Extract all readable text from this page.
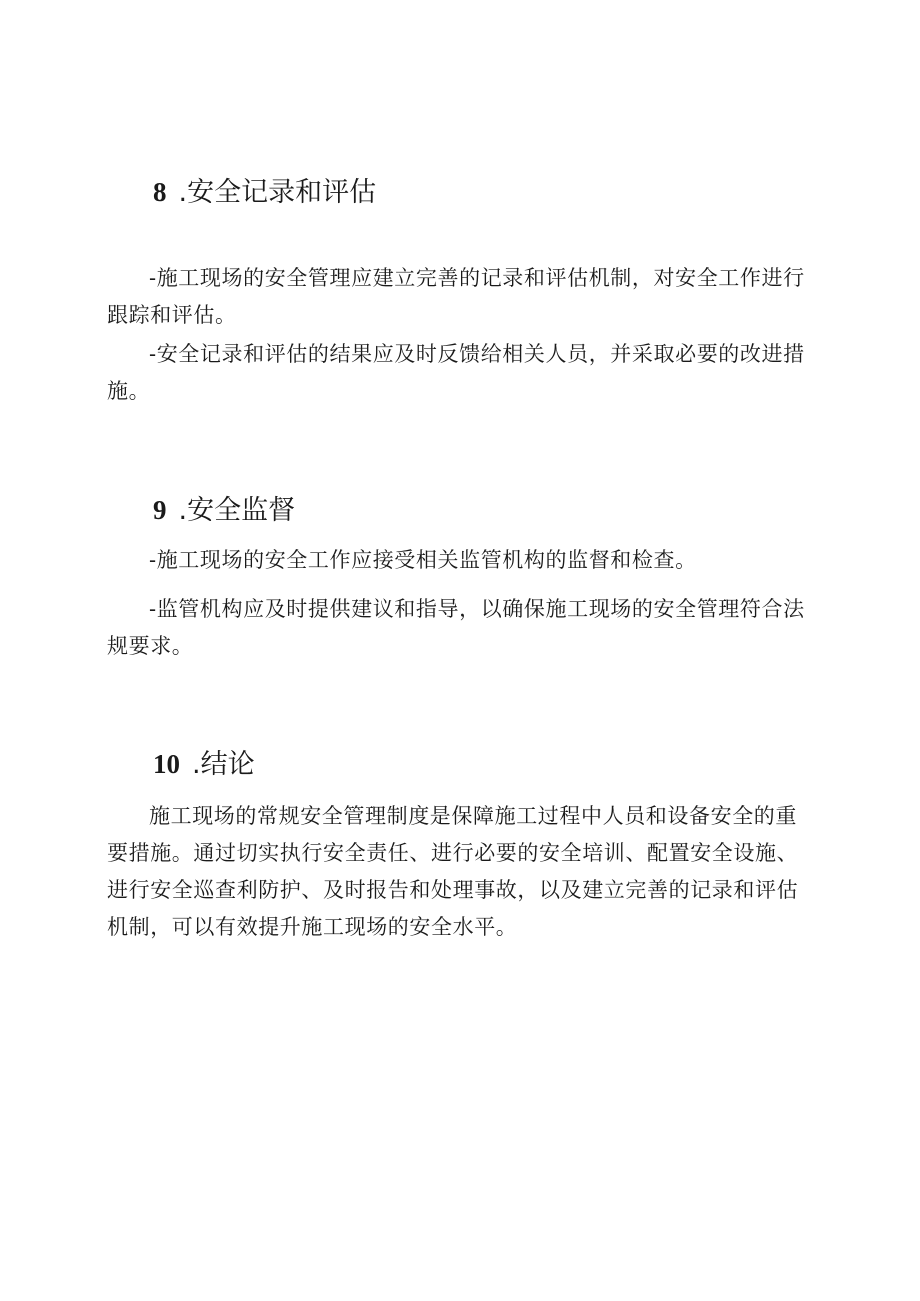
8 .安全记录和评估

-施工现场的安全管理应建立完善的记录和评估机制，对安全工作进行跟踪和评估。

-安全记录和评估的结果应及时反馈给相关人员，并采取必要的改进措施。

9 .安全监督

-施工现场的安全工作应接受相关监管机构的监督和检查。

-监管机构应及时提供建议和指导，以确保施工现场的安全管理符合法规要求。

10 .结论

施工现场的常规安全管理制度是保障施工过程中人员和设备安全的重要措施。通过切实执行安全责任、进行必要的安全培训、配置安全设施、进行安全巡查利防护、及时报告和处理事故，以及建立完善的记录和评估机制，可以有效提升施工现场的安全水平。
